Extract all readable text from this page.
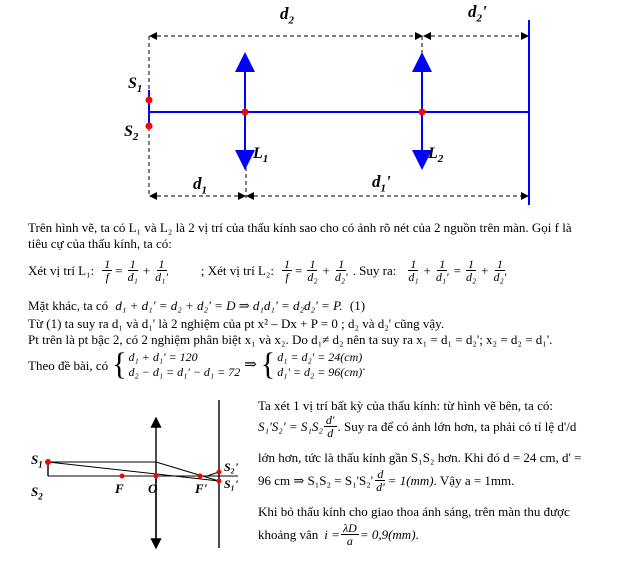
$d_2$	$d_2'$
$S_1$
$S_2$
$L_1$	$L_2$
$d_1$	$d_1'$
Trên hình vẽ, ta có L₁ và L₂ là 2 vị trí của thấu kính sao cho có ảnh rõ nét của 2 nguồn trên màn. Gọi f là
tiêu cự của thấu kính, ta có:
Xét vị trí L₁: $\frac{1}{f} = \frac{1}{\text{d₁}} + \frac{1}{\text{d₁'}}$ ; Xét vị trí L₂: $\frac{1}{f} = \frac{1}{\text{d₂}} + \frac{1}{\text{d₂'}}$ . Suy ra: $\frac{1}{\text{d₁}} + \frac{1}{\text{d₁'}} = \frac{1}{\text{d₂}} + \frac{1}{\text{d₂'}}$
Mặt khác, ta có d₁ + d₁' = d₂ + d₂' = D ⇒ d₁d₁' = d₂d₂' = P. (1)
Từ (1) ta suy ra d₁ và d₁' là 2 nghiệm của pt x² – Dx + P = 0 ; d₂ và d₂' cũng vậy.
Pt trên là pt bậc 2, có 2 nghiệm phân biệt x₁ và x₂. Do d₁≠ d₂ nên ta suy ra x₁ = d₁ = d₂'; x₂ = d₂ = d₁'.
Theo đề bài, có { d₁ + d₁' = 120
d₂ − d₁ = d₁' − d₁ = 72 ⇒ { d₁ = d₂' = 24(cm)
d₁' = d₂ = 96(cm) .
Ta xét 1 vị trí bất kỳ của thấu kính: từ hình vẽ bên, ta có:
$S_1'S_2' = S_1S_2 \frac{d'}{d}$ . Suy ra để có ảnh lớn hơn, ta phải có tỉ lệ d'/d
lớn hơn, tức là thấu kính gần S₁S₂ hơn. Khi đó d = 24 cm, d' =
96 cm ⇒ $S_1S_2 = S_1'S_2' \frac{d}{d'} = 1(mm)$ . Vậy a = 1mm.
Khi bỏ thấu kính cho giao thoa ánh sáng, trên màn thu được
khoảng vân $i = \frac{\lambda D}{a} = 0,9(mm)$ .
$S_1$
$S_2$
F O	F'
S₂'
S₁'
